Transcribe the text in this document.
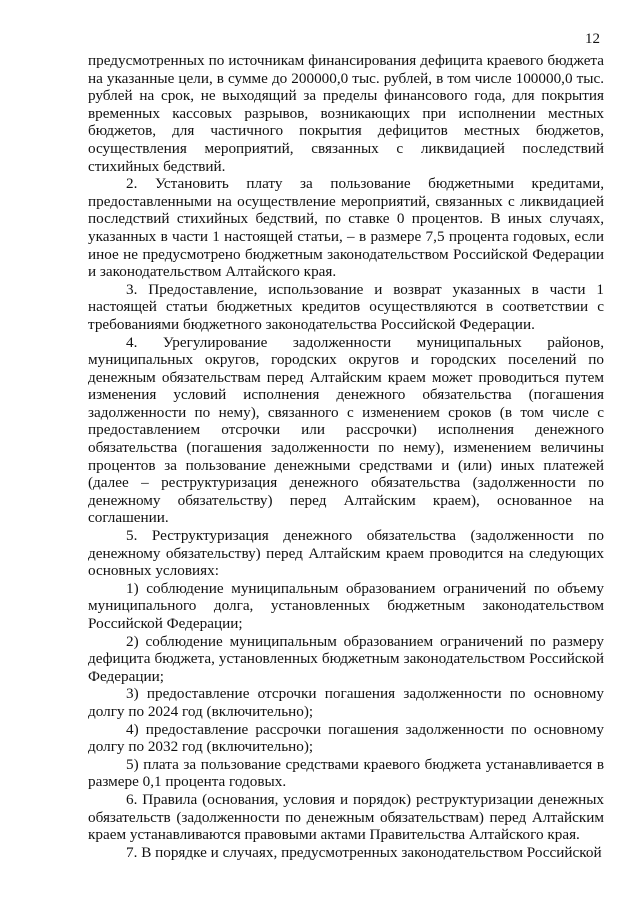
12

предусмотренных по источникам финансирования дефицита краевого бюджета на указанные цели, в сумме до 200000,0 тыс. рублей, в том числе 100000,0 тыс. рублей на срок, не выходящий за пределы финансового года, для покрытия временных кассовых разрывов, возникающих при исполнении местных бюджетов, для частичного покрытия дефицитов местных бюджетов, осуществления мероприятий, связанных с ликвидацией последствий стихийных бедствий.

2. Установить плату за пользование бюджетными кредитами, предоставленными на осуществление мероприятий, связанных с ликвидацией последствий стихийных бедствий, по ставке 0 процентов. В иных случаях, указанных в части 1 настоящей статьи, – в размере 7,5 процента годовых, если иное не предусмотрено бюджетным законодательством Российской Федерации и законодательством Алтайского края.

3. Предоставление, использование и возврат указанных в части 1 настоящей статьи бюджетных кредитов осуществляются в соответствии с требованиями бюджетного законодательства Российской Федерации.

4. Урегулирование задолженности муниципальных районов, муниципальных округов, городских округов и городских поселений по денежным обязательствам перед Алтайским краем может проводиться путем изменения условий исполнения денежного обязательства (погашения задолженности по нему), связанного с изменением сроков (в том числе с предоставлением отсрочки или рассрочки) исполнения денежного обязательства (погашения задолженности по нему), изменением величины процентов за пользование денежными средствами и (или) иных платежей (далее – реструктуризация денежного обязательства (задолженности по денежному обязательству) перед Алтайским краем), основанное на соглашении.

5. Реструктуризация денежного обязательства (задолженности по денежному обязательству) перед Алтайским краем проводится на следующих основных условиях:

1) соблюдение муниципальным образованием ограничений по объему муниципального долга, установленных бюджетным законодательством Российской Федерации;

2) соблюдение муниципальным образованием ограничений по размеру дефицита бюджета, установленных бюджетным законодательством Российской Федерации;

3) предоставление отсрочки погашения задолженности по основному долгу по 2024 год (включительно);

4) предоставление рассрочки погашения задолженности по основному долгу по 2032 год (включительно);

5) плата за пользование средствами краевого бюджета устанавливается в размере 0,1 процента годовых.

6. Правила (основания, условия и порядок) реструктуризации денежных обязательств (задолженности по денежным обязательствам) перед Алтайским краем устанавливаются правовыми актами Правительства Алтайского края.

7. В порядке и случаях, предусмотренных законодательством Российской
